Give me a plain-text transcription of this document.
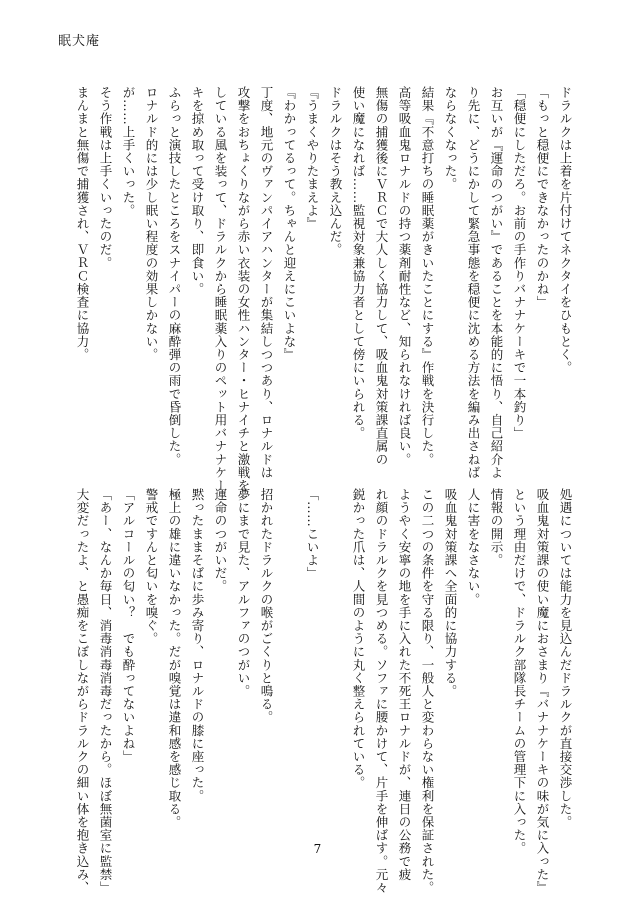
眠犬庵

ドラルクは上着を片付けてネクタイをひもとく。

「もっと穏便にできなかったのかね」

「穏便にしただろ。お前の手作りバナナケーキで一本釣り」

お互いが『運命のつがい』であることを本能的に悟り、自己紹介よ

り先に、どうにかして緊急事態を穏便に沈める方法を編み出さねば

ならなくなった。

結果『不意打ちの睡眠薬がきいたことにする』作戦を決行した。

高等吸血鬼ロナルドの持つ薬剤耐性など、知られなければ良い。

無傷の捕獲後にＶＲＣで大人しく協力して、吸血鬼対策課直属の

使い魔になれば……監視対象兼協力者として傍にいられる。

ドラルクはそう教え込んだ。

『うまくやりたまえよ』

『わかってるって。ちゃんと迎えにこいよな』

丁度、地元のヴァンパイアハンターが集結しつつあり、ロナルドは

攻撃をおちょくりながら赤い衣装の女性ハンター・ヒナイチと激戦を

している風を装って、ドラルクから睡眠薬入りのペット用バナナケー

キを掠め取って受け取り、即食い。

ふらっと演技したところをスナイパーの麻酔弾の雨で昏倒した。

ロナルド的には少し眠い程度の効果しかない。

が……上手くいった。

そう作戦は上手くいったのだ。

まんまと無傷で捕獲され、ＶＲＣ検査に協力。

処遇については能力を見込んだドラルクが直接交渉した。

吸血鬼対策課の使い魔におさまり『バナナケーキの味が気に入った』

という理由だけで、ドラルク部隊長チームの管理下に入った。

情報の開示。

人に害をなさない。

吸血鬼対策課へ全面的に協力する。

この二つの条件を守る限り、一般人と変わらない権利を保証された。

ようやく安寧の地を手に入れた不死王ロナルドが、連日の公務で疲

れ顔のドラルクを見つめる。ソファに腰かけて、片手を伸ばす。元々

鋭かった爪は、人間のように丸く整えられている。

「……こいよ」

招かれたドラルクの喉がごくりと鳴る。

夢にまで見た、アルファのつがい。

運命のつがいだ。

黙ったままそばに歩み寄り、ロナルドの膝に座った。

極上の雄に違いなかった。だが嗅覚は違和感を感じ取る。

警戒ですんと匂いを嗅ぐ。

「アルコールの匂い？　でも酔ってないよね」

「あー、なんか毎日、消毒消毒消毒だったから。ほぼ無菌室に監禁」

大変だったよ、と愚痴をこぼしながらドラルクの細い体を抱き込み、	7
